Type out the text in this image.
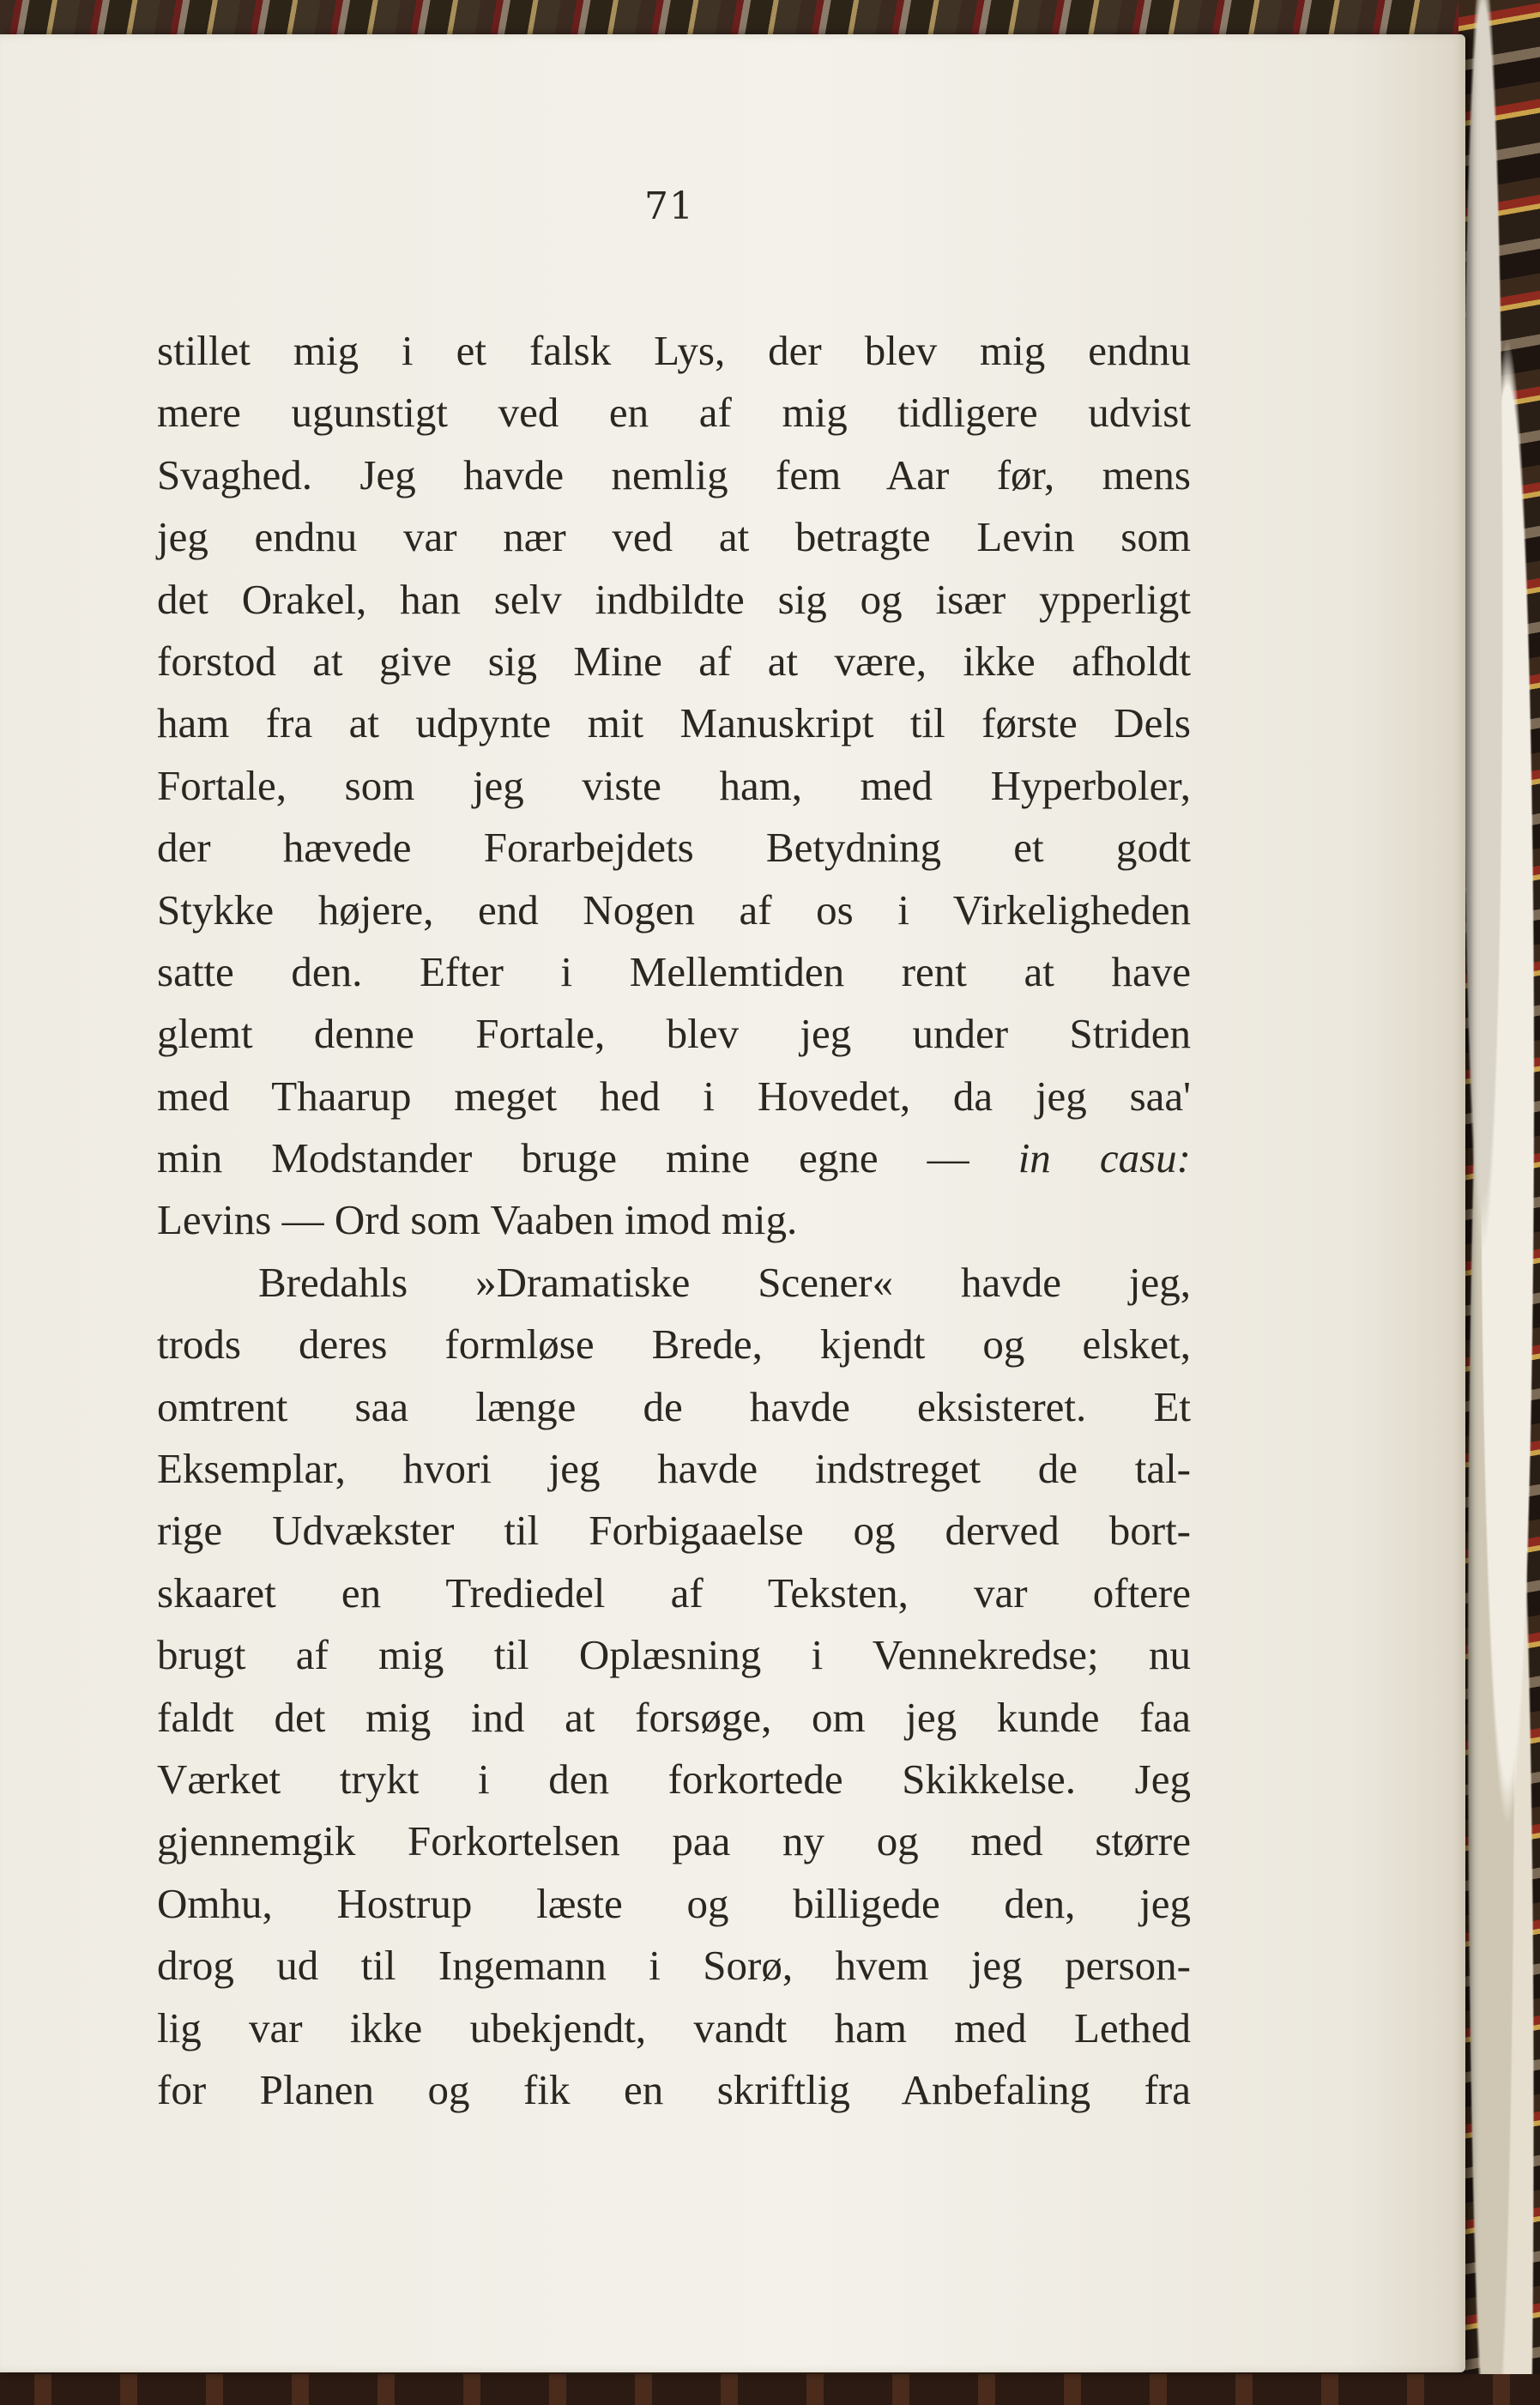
71
stillet mig i et falsk Lys, der blev mig endnu
mere ugunstigt ved en af mig tidligere udvist
Svaghed. Jeg havde nemlig fem Aar før, mens
jeg endnu var nær ved at betragte Levin som
det Orakel, han selv indbildte sig og især ypperligt
forstod at give sig Mine af at være, ikke afholdt
ham fra at udpynte mit Manuskript til første Dels
Fortale, som jeg viste ham, med Hyperboler,
der hævede Forarbejdets Betydning et godt
Stykke højere, end Nogen af os i Virkeligheden
satte den. Efter i Mellemtiden rent at have
glemt denne Fortale, blev jeg under Striden
med Thaarup meget hed i Hovedet, da jeg saa'
min Modstander bruge mine egne — in casu:
Levins — Ord som Vaaben imod mig.
Bredahls »Dramatiske Scener« havde jeg,
trods deres formløse Brede, kjendt og elsket,
omtrent saa længe de havde eksisteret. Et
Eksemplar, hvori jeg havde indstreget de tal-
rige Udvækster til Forbigaaelse og derved bort-
skaaret en Trediedel af Teksten, var oftere
brugt af mig til Oplæsning i Vennekredse; nu
faldt det mig ind at forsøge, om jeg kunde faa
Værket trykt i den forkortede Skikkelse. Jeg
gjennemgik Forkortelsen paa ny og med større
Omhu, Hostrup læste og billigede den, jeg
drog ud til Ingemann i Sorø, hvem jeg person-
lig var ikke ubekjendt, vandt ham med Lethed
for Planen og fik en skriftlig Anbefaling fra
